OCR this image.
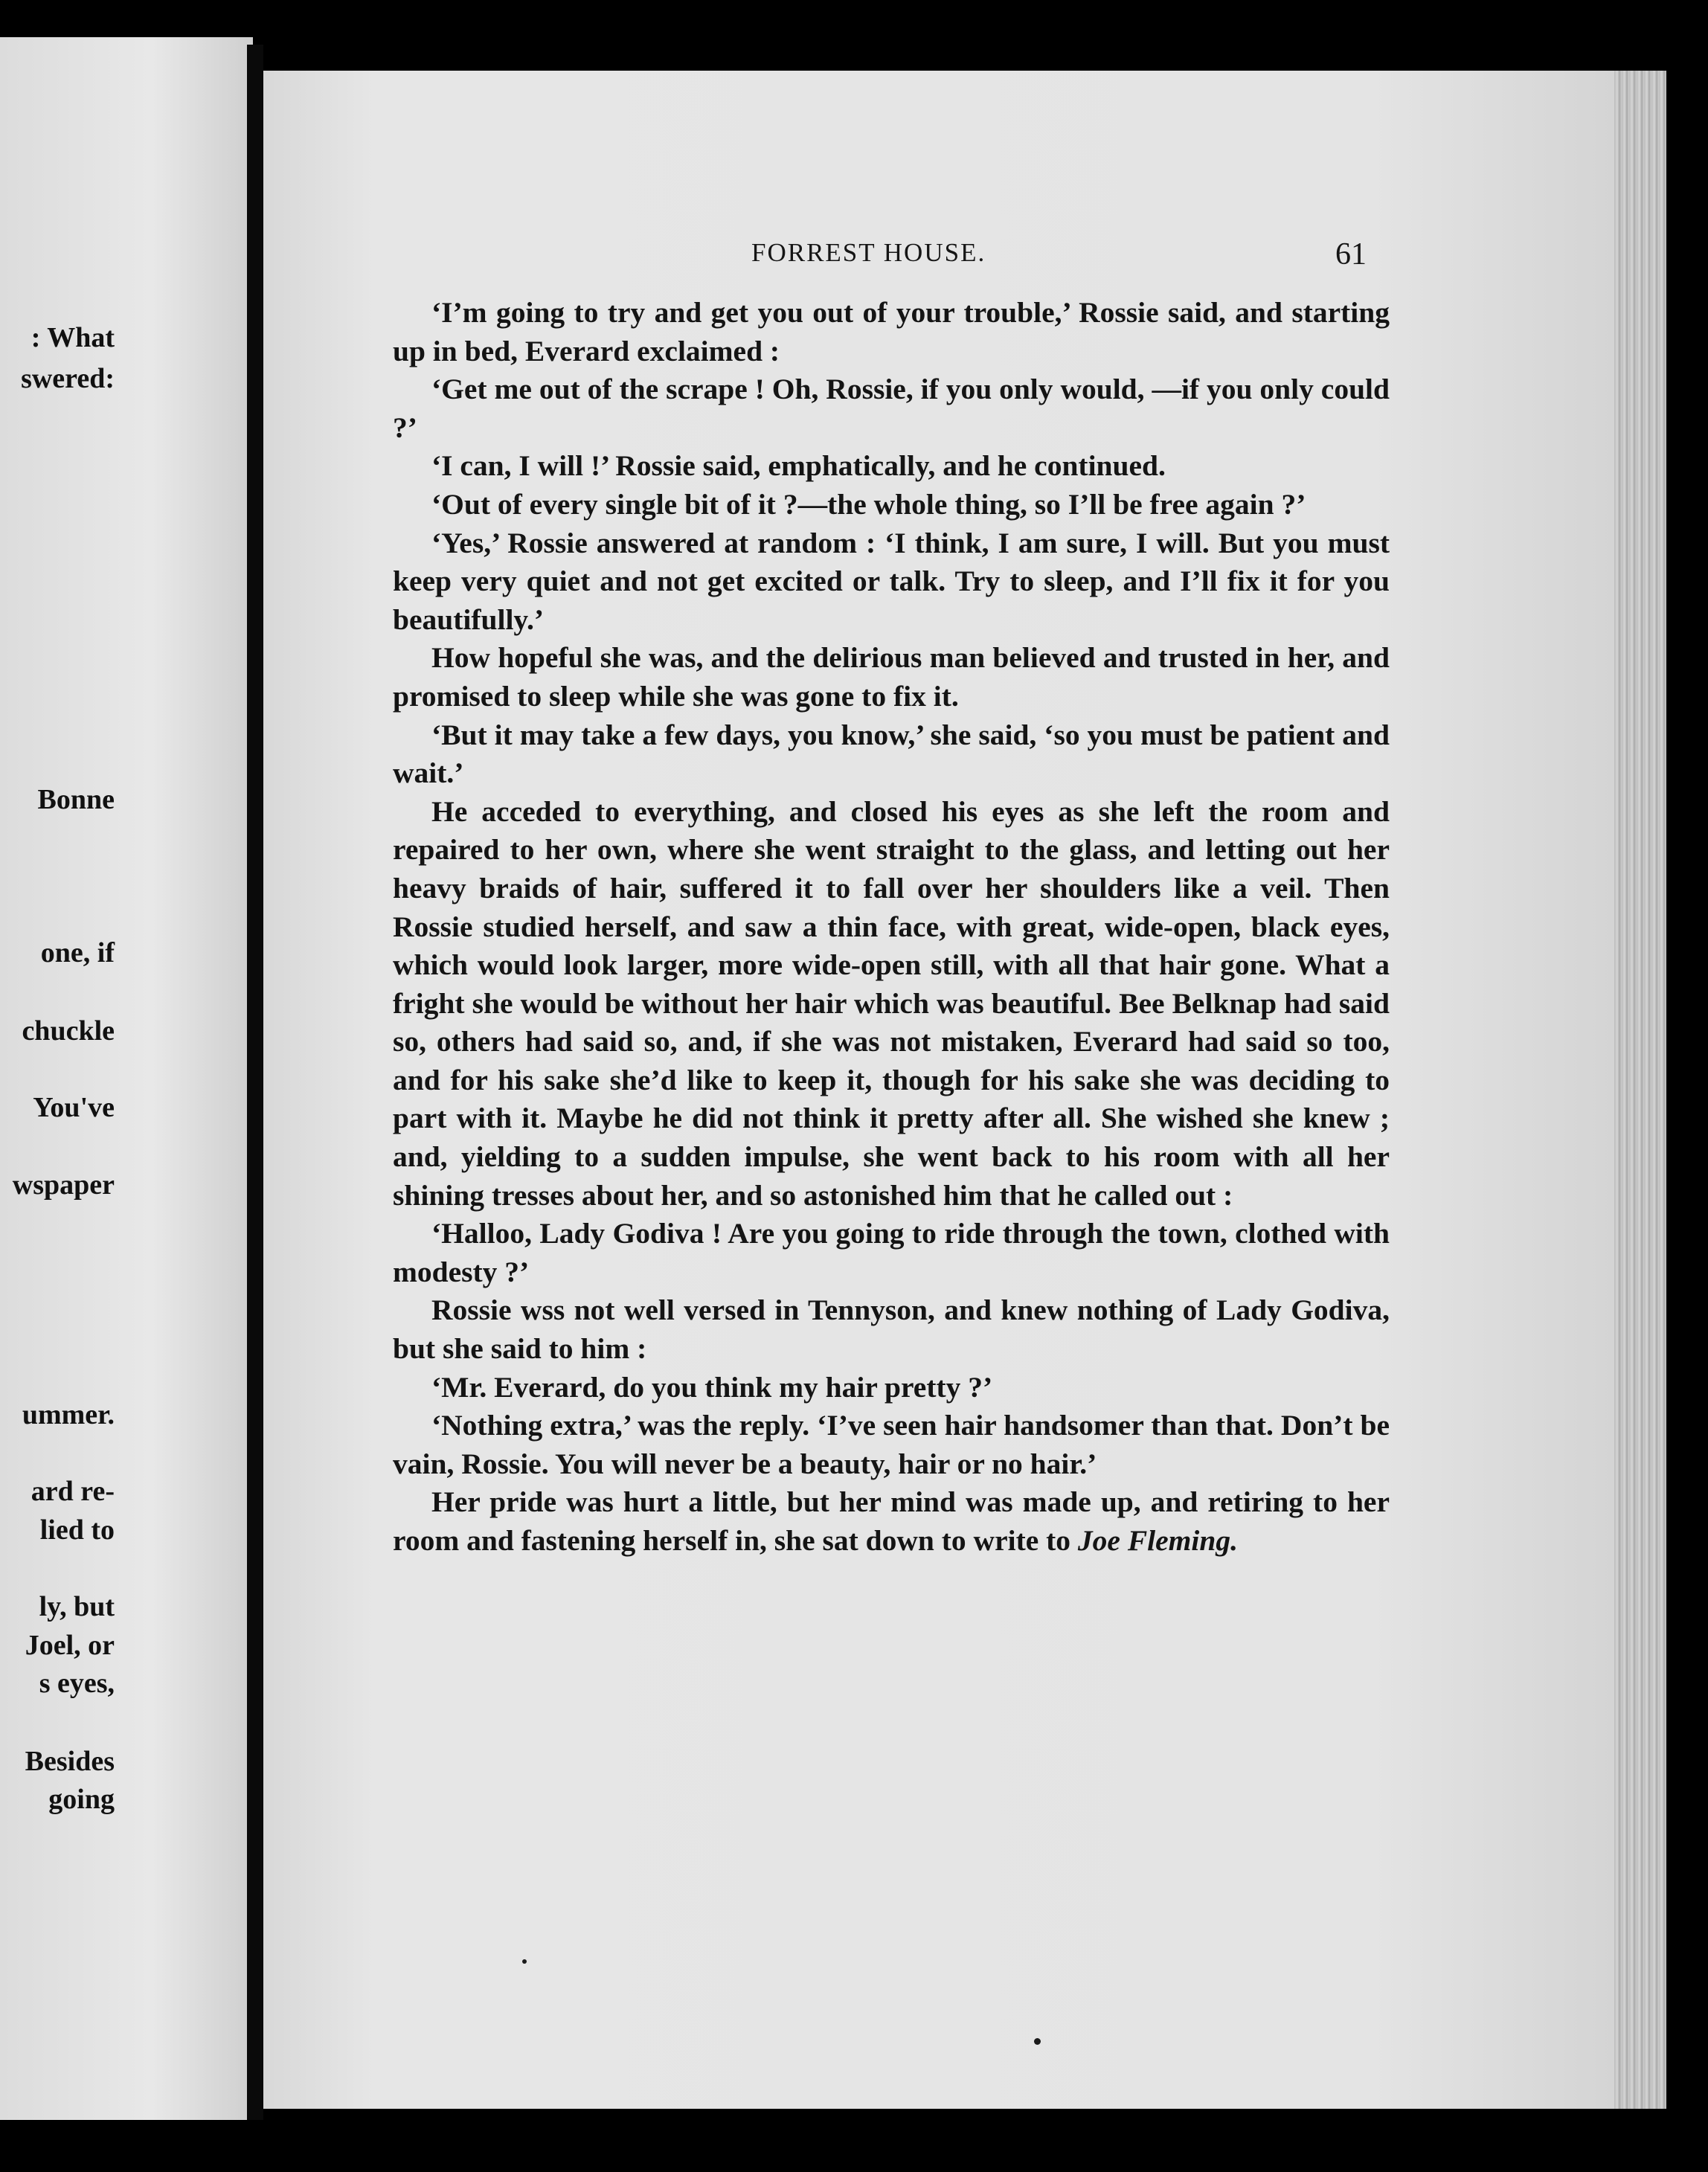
: What
swered:
Bonne
one, if
chuckle
You've
wspaper
ummer.
ard re-
lied to
ly, but
Joel, or
s eyes,
Besides
going
FORREST HOUSE.	61

‘I’m going to try and get you out of your trouble,’ Rossie said, and starting up in bed, Everard exclaimed :

‘Get me out of the scrape ! Oh, Rossie, if you only would, —if you only could ?’

‘I can, I will !’ Rossie said, emphatically, and he continued.

‘Out of every single bit of it ?—the whole thing, so I’ll be free again ?’

‘Yes,’ Rossie answered at random : ‘I think, I am sure, I will. But you must keep very quiet and not get excited or talk. Try to sleep, and I’ll fix it for you beautifully.’

How hopeful she was, and the delirious man believed and trusted in her, and promised to sleep while she was gone to fix it.

‘But it may take a few days, you know,’ she said, ‘so you must be patient and wait.’

He acceded to everything, and closed his eyes as she left the room and repaired to her own, where she went straight to the glass, and letting out her heavy braids of hair, suffered it to fall over her shoulders like a veil. Then Rossie studied herself, and saw a thin face, with great, wide-open, black eyes, which would look larger, more wide-open still, with all that hair gone. What a fright she would be without her hair which was beautiful. Bee Belknap had said so, others had said so, and, if she was not mistaken, Everard had said so too, and for his sake she’d like to keep it, though for his sake she was deciding to part with it. Maybe he did not think it pretty after all. She wished she knew ; and, yielding to a sudden impulse, she went back to his room with all her shining tresses about her, and so astonished him that he called out :

‘Halloo, Lady Godiva ! Are you going to ride through the town, clothed with modesty ?’

Rossie wss not well versed in Tennyson, and knew nothing of Lady Godiva, but she said to him :

‘Mr. Everard, do you think my hair pretty ?’

‘Nothing extra,’ was the reply. ‘I’ve seen hair handsomer than that. Don’t be vain, Rossie. You will never be a beauty, hair or no hair.’

Her pride was hurt a little, but her mind was made up, and retiring to her room and fastening herself in, she sat down to write to Joe Fleming.
